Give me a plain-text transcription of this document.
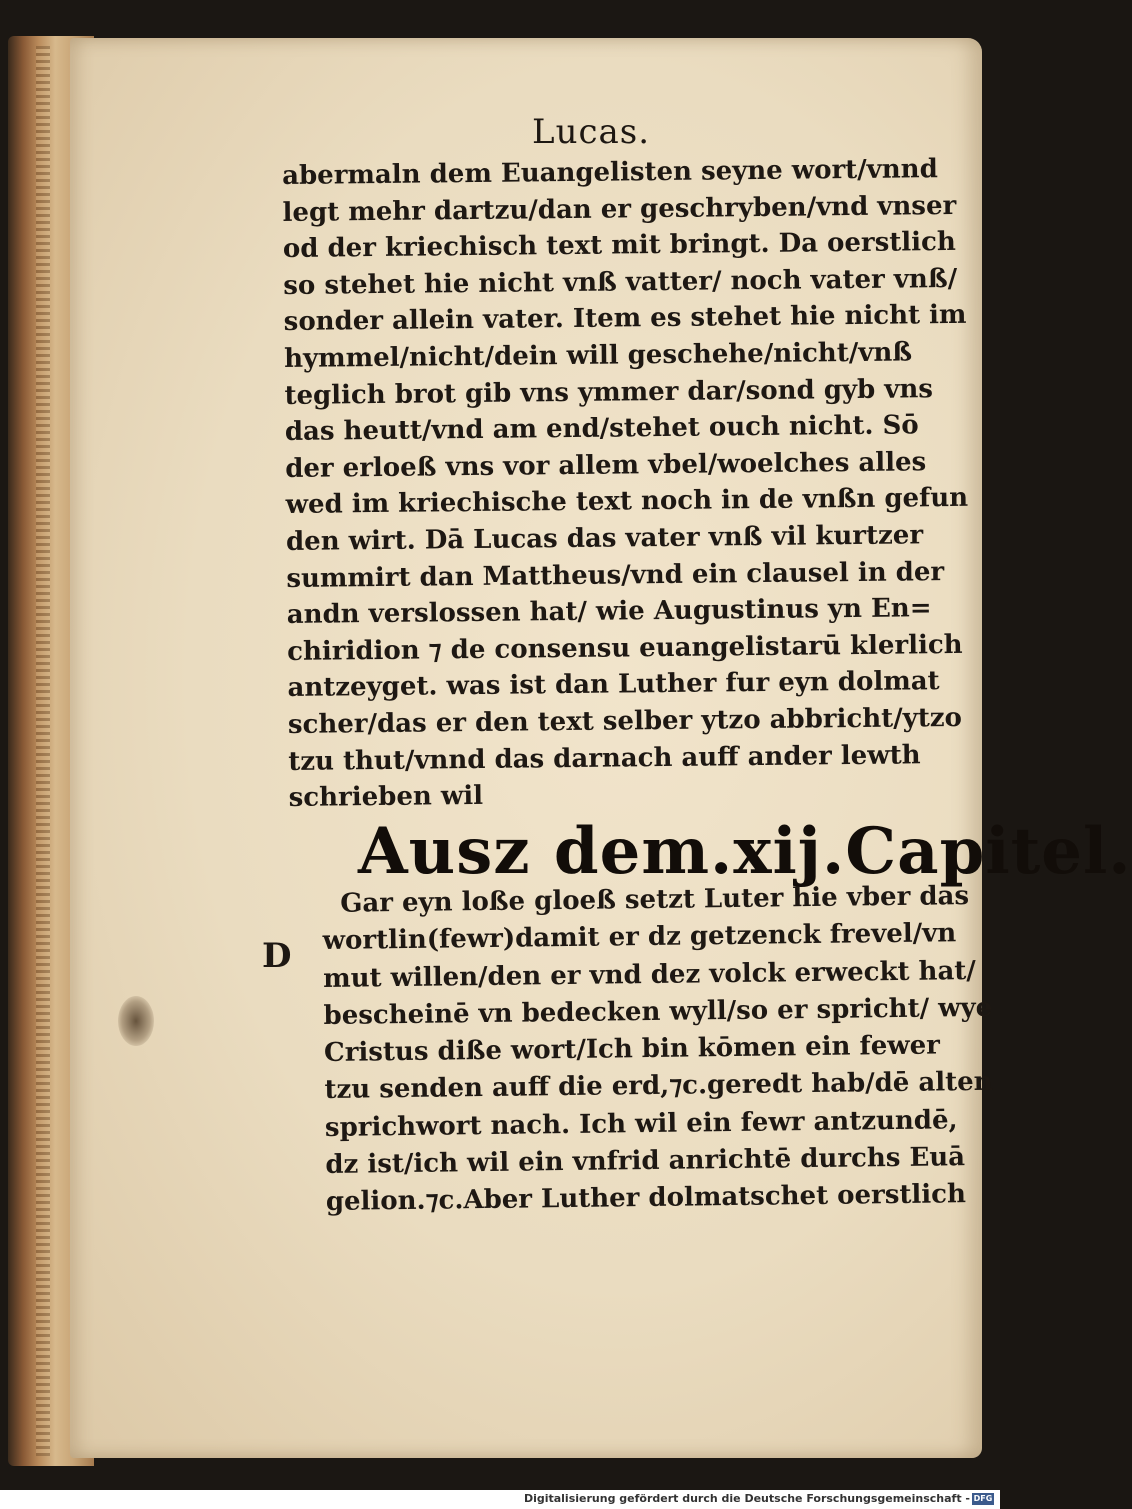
Lucas.
abermaln dem Euangelisten seyne wort/vnnd
legt mehr dartzu/dan er geschryben/vnd vnser
od der kriechisch text mit bringt. Da oerstlich
so stehet hie nicht vnß vatter/ noch vater vnß/
sonder allein vater. Item es stehet hie nicht im
hymmel/nicht/dein will geschehe/nicht/vnß
teglich brot gib vns ymmer dar/sond gyb vns
das heutt/vnd am end/stehet ouch nicht. Sō
der erloeß vns vor allem vbel/woelches alles
wed im kriechische text noch in de vnßn gefun
den wirt. Dā Lucas das vater vnß vil kurtzer
summirt dan Mattheus/vnd ein clausel in der
andn verslossen hat/ wie Augustinus yn En=
chiridion ⁊ de consensu euangelistarū klerlich
antzeyget. was ist dan Luther fur eyn dolmat
scher/das er den text selber ytzo abbricht/ytzo
tzu thut/vnnd das darnach auff ander lewth
schrieben wil
Ausz dem.xij.Capitel.
D
Gar eyn loße gloeß setzt Luter hie vber das
wortlin(fewr)damit er dz getzenck frevel/vn
mut willen/den er vnd dez volck erweckt hat/
bescheinē vn bedecken wyll/so er spricht/ wye
Cristus diße wort/Ich bin kōmen ein fewer
tzu senden auff die erd,⁊c.geredt hab/dē alten
sprichwort nach. Ich wil ein fewr antzundē,
dz ist/ich wil ein vnfrid anrichtē durchs Euā
gelion.⁊c.Aber Luther dolmatschet oerstlich
Digitalisierung gefördert durch die Deutsche Forschungsgemeinschaft - DFG
